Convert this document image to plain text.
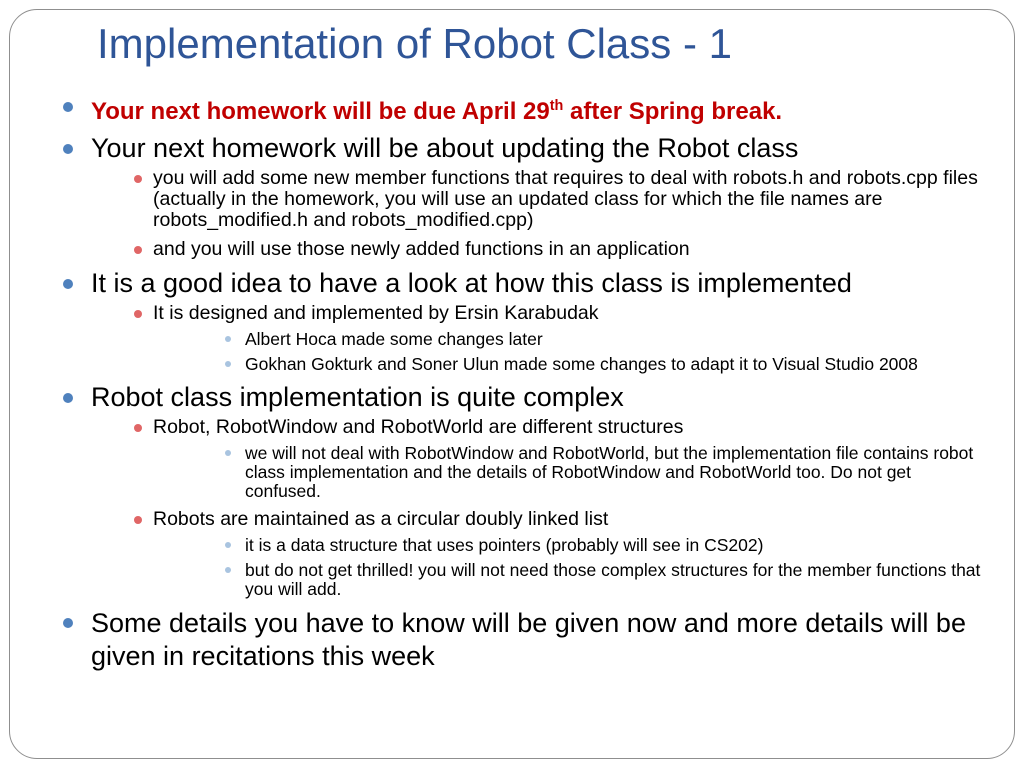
Implementation of Robot Class - 1
Your next homework will be due April 29th after Spring break.
Your next homework will be about updating the Robot class
you will add some new member functions that requires to deal with robots.h and robots.cpp files (actually in the homework, you will use an updated class for which the file names are robots_modified.h and robots_modified.cpp)
and you will use those newly added functions in an application
It is a good idea to have a look at how this class is implemented
It is designed and implemented by Ersin Karabudak
Albert Hoca made some changes later
Gokhan Gokturk and Soner Ulun made some changes to adapt it to Visual Studio 2008
Robot class implementation is quite complex
Robot, RobotWindow and RobotWorld are different structures
we will not deal with RobotWindow and RobotWorld, but the implementation file contains robot class implementation and the details of RobotWindow and RobotWorld too. Do not get confused.
Robots are maintained as a circular doubly linked list
it is a data structure that uses pointers (probably will see in CS202)
but do not get thrilled! you will not need those complex structures for the member functions that you will add.
Some details you have to know will be given now and more details will be given in recitations this week
